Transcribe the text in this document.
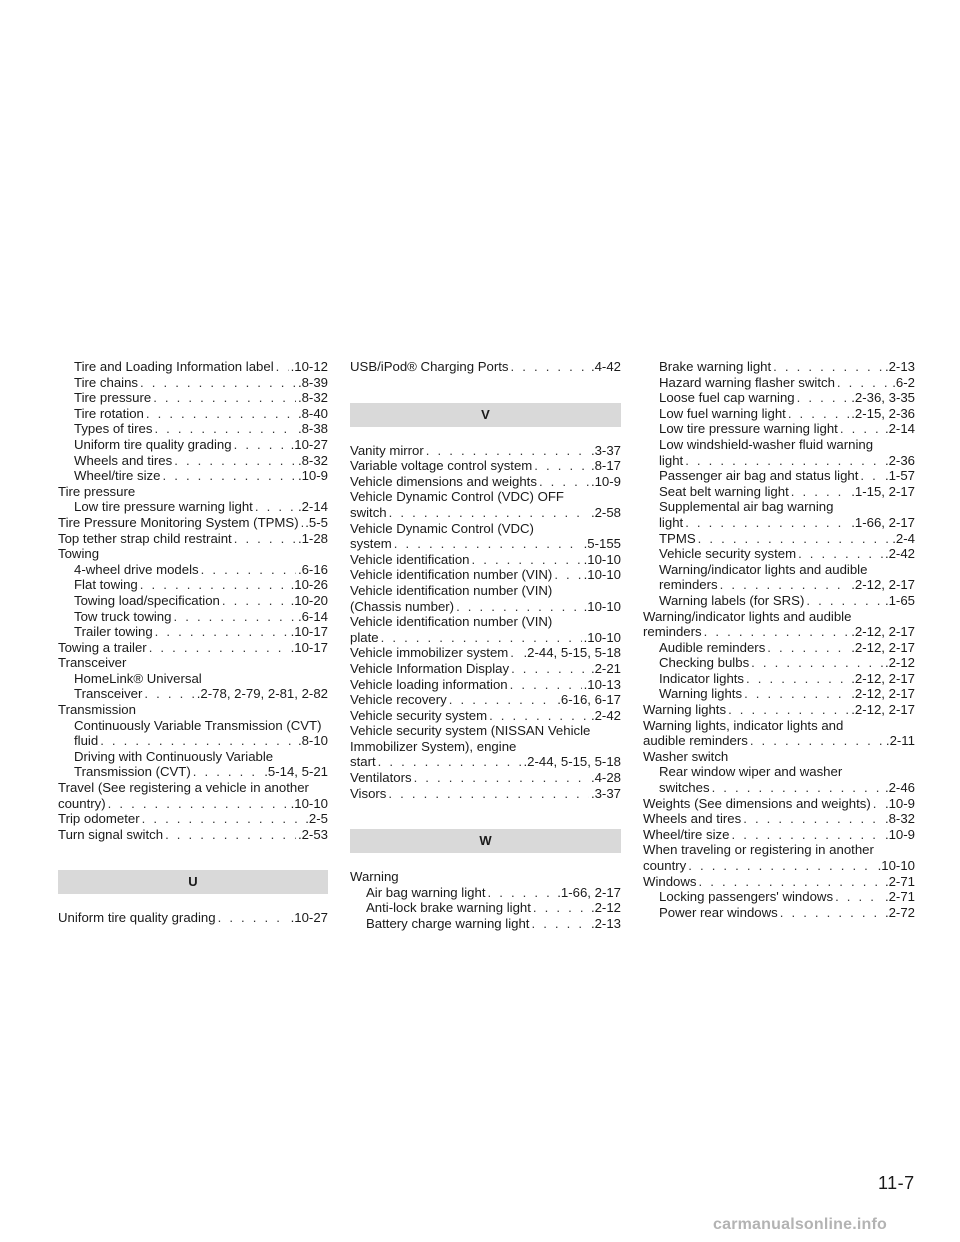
Tire and Loading Information label . . . .10-12
Tire chains . . .	.8-39
Tire pressure . . .	.8-32
Tire rotation . . .	.8-40
Types of tires . . .	.8-38
Uniform tire quality grading . . .	.10-27
Wheels and tires . . .	.8-32
Wheel/tire size . . .	.10-9
Tire pressure
Low tire pressure warning light . . .	.2-14
Tire Pressure Monitoring System (TPMS) . . . .5-5
Top tether strap child restraint . . .	.1-28
Towing
4-wheel drive models . . .	.6-16
Flat towing . . .	.10-26
Towing load/specification . . .	.10-20
Tow truck towing . . .	.6-14
Trailer towing . . .	.10-17
Towing a trailer . . .	.10-17
Transceiver
HomeLink® Universal
Transceiver . . .	.2-78, 2-79, 2-81, 2-82
Transmission
Continuously Variable Transmission (CVT)
fluid . . .	.8-10
Driving with Continuously Variable
Transmission (CVT) . . .	.5-14, 5-21
Travel (See registering a vehicle in another
country) . . .	.10-10
Trip odometer . . .	.2-5
Turn signal switch . . .	.2-53
U
Uniform tire quality grading . . .	.10-27
USB/iPod® Charging Ports . . .	.4-42
V
Vanity mirror . . .	.3-37
Variable voltage control system . . .	.8-17
Vehicle dimensions and weights . . .	.10-9
Vehicle Dynamic Control (VDC) OFF
switch . . .	.2-58
Vehicle Dynamic Control (VDC)
system . . .	.5-155
Vehicle identification . . .	.10-10
Vehicle identification number (VIN) . . . .10-10
Vehicle identification number (VIN)
(Chassis number) . . .	.10-10
Vehicle identification number (VIN)
plate . . .	.10-10
Vehicle immobilizer system . . . .2-44, 5-15, 5-18
Vehicle Information Display . . .	.2-21
Vehicle loading information . . .	.10-13
Vehicle recovery . . .	.6-16, 6-17
Vehicle security system . . .	.2-42
Vehicle security system (NISSAN Vehicle
Immobilizer System), engine
start . . .	.2-44, 5-15, 5-18
Ventilators . . .	.4-28
Visors . . .	.3-37
W
Warning
Air bag warning light . . .	.1-66, 2-17
Anti-lock brake warning light . . .	.2-12
Battery charge warning light . . .	.2-13
Brake warning light . . .	.2-13
Hazard warning flasher switch . . .	.6-2
Loose fuel cap warning . . .	.2-36, 3-35
Low fuel warning light . . .	.2-15, 2-36
Low tire pressure warning light . . .	.2-14
Low windshield-washer fluid warning
light . . .	.2-36
Passenger air bag and status light . . . .1-57
Seat belt warning light . . .	.1-15, 2-17
Supplemental air bag warning
light . . .	.1-66, 2-17
TPMS . . .	.2-4
Vehicle security system . . .	.2-42
Warning/indicator lights and audible
reminders . . .	.2-12, 2-17
Warning labels (for SRS) . . .	.1-65
Warning/indicator lights and audible
reminders . . .	.2-12, 2-17
Audible reminders . . .	.2-12, 2-17
Checking bulbs . . .	.2-12
Indicator lights . . .	.2-12, 2-17
Warning lights . . .	.2-12, 2-17
Warning lights . . .	.2-12, 2-17
Warning lights, indicator lights and
audible reminders . . .	.2-11
Washer switch
Rear window wiper and washer
switches . . .	.2-46
Weights (See dimensions and weights) . . . .10-9
Wheels and tires . . .	.8-32
Wheel/tire size . . .	.10-9
When traveling or registering in another
country . . .	.10-10
Windows . . .	.2-71
Locking passengers' windows . . .	.2-71
Power rear windows . . .	.2-72
11-7
carmanualsonline.info
